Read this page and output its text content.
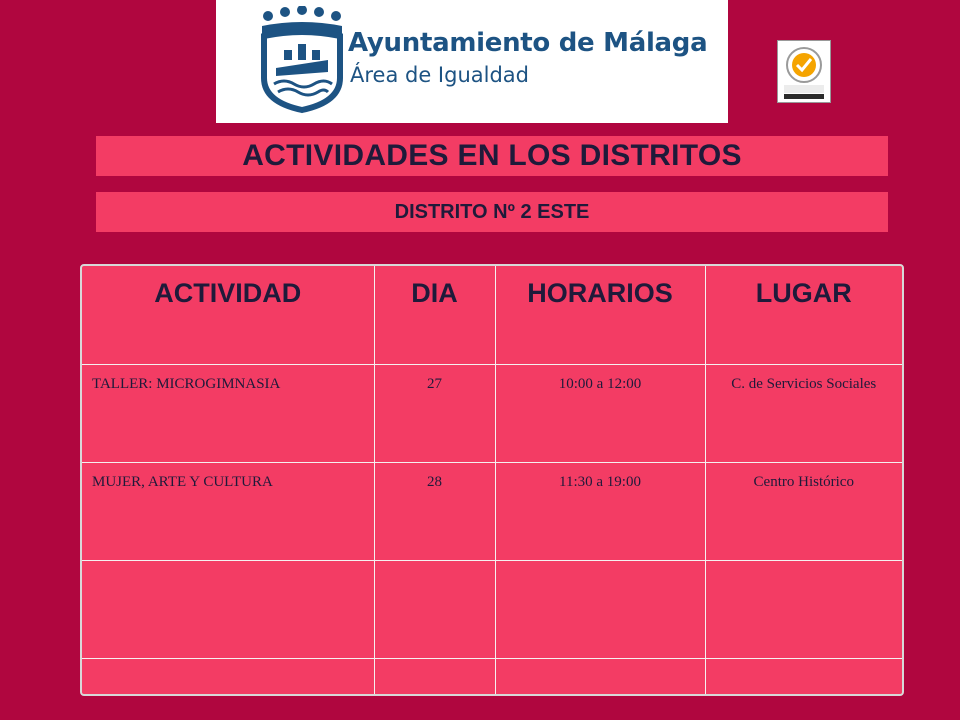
Ayuntamiento de Málaga
Área de Igualdad
ACTIVIDADES EN LOS DISTRITOS
DISTRITO Nº 2 ESTE
ACTIVIDAD	DIA	HORARIOS	LUGAR
TALLER: MICROGIMNASIA	27	10:00 a 12:00	C. de Servicios Sociales
MUJER, ARTE Y CULTURA	28	11:30 a 19:00	Centro Histórico
